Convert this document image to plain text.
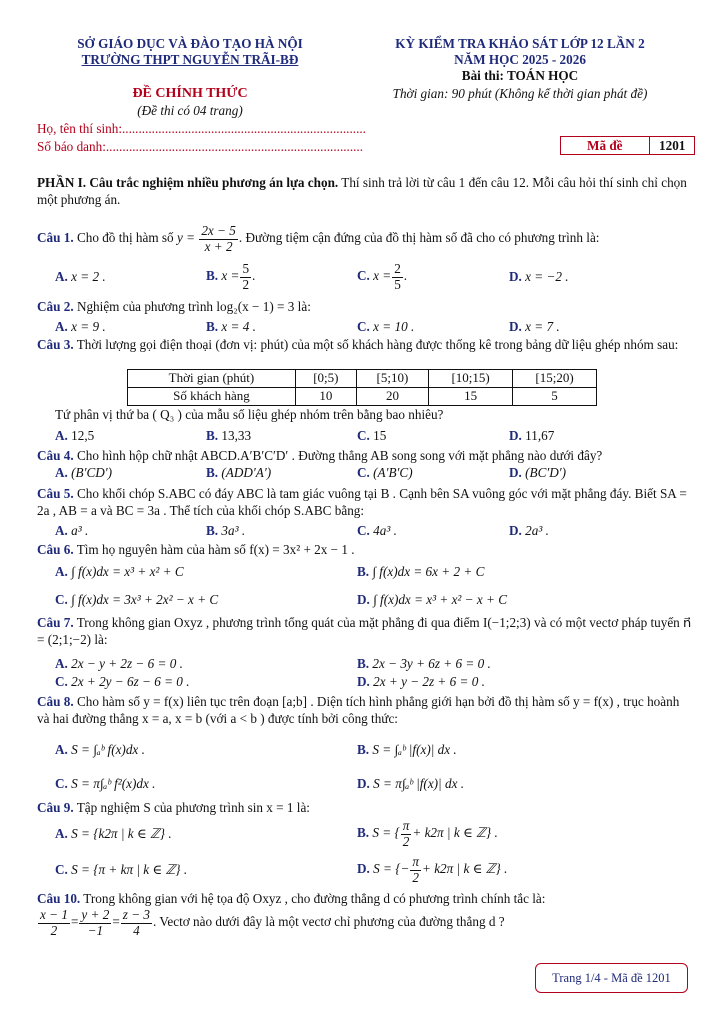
SỞ GIÁO DỤC VÀ ĐÀO TẠO HÀ NỘI
TRƯỜNG THPT NGUYỄN TRÃI-BĐ
ĐỀ CHÍNH THỨC
(Đề thi có 04 trang)
KỲ KIỂM TRA KHẢO SÁT LỚP 12 LẦN 2
NĂM HỌC 2025 - 2026
Bài thi: TOÁN HỌC
Thời gian: 90 phút (Không kể thời gian phát đề)
Họ, tên thí sinh:..........................................................................
Số báo danh:..............................................................................	Mã đề	1201
PHẦN I. Câu trắc nghiệm nhiều phương án lựa chọn. Thí sinh trả lời từ câu 1 đến câu 12. Mỗi câu hỏi thí sinh chỉ chọn một phương án.
Câu 1. Cho đồ thị hàm số $y = \frac{2x - 5}{x + 2}$ . Đường tiệm cận đứng của đồ thị hàm số đã cho có phương trình là:
A. x = 2 .	B. $x = \frac{5}{2}$ .	C. $x = \frac{2}{5}$ .	D. x = −2 .
Câu 2. Nghiệm của phương trình log₂(x − 1) = 3 là:
A. x = 9 .	B. x = 4 .	C. x = 10 .	D. x = 7 .
Câu 3. Thời lượng gọi điện thoại (đơn vị: phút) của một số khách hàng được thống kê trong bảng dữ liệu ghép nhóm sau:
Thời gian (phút)	[0;5)	[5;10)	[10;15)	[15;20)
Số khách hàng	10	20	15	5
Tứ phân vị thứ ba ( Q₃ ) của mẫu số liệu ghép nhóm trên bằng bao nhiêu?
A. 12,5	B. 13,33	C. 15	D. 11,67
Câu 4. Cho hình hộp chữ nhật ABCD.A′B′C′D′ . Đường thẳng AB song song với mặt phẳng nào dưới đây?
A. (B′CD′)	B. (ADD′A′)	C. (A′B′C)	D. (BC′D′)
Câu 5. Cho khối chóp S.ABC có đáy ABC là tam giác vuông tại B . Cạnh bên SA vuông góc với mặt phẳng đáy. Biết SA = 2a , AB = a và BC = 3a . Thể tích của khối chóp S.ABC bằng:
A. a³ .	B. 3a³ .	C. 4a³ .	D. 2a³ .
Câu 6. Tìm họ nguyên hàm của hàm số f(x) = 3x² + 2x − 1 .
A. ∫ f(x)dx = x³ + x² + C	B. ∫ f(x)dx = 6x + 2 + C
C. ∫ f(x)dx = 3x³ + 2x² − x + C	D. ∫ f(x)dx = x³ + x² − x + C
Câu 7. Trong không gian Oxyz , phương trình tổng quát của mặt phẳng đi qua điểm I(−1;2;3) và có một vectơ pháp tuyến n⃗ = (2;1;−2) là:
A. 2x − y + 2z − 6 = 0 .	B. 2x − 3y + 6z + 6 = 0 .
C. 2x + 2y − 6z − 6 = 0 .	D. 2x + y − 2z + 6 = 0 .
Câu 8. Cho hàm số y = f(x) liên tục trên đoạn [a;b] . Diện tích hình phẳng giới hạn bởi đồ thị hàm số y = f(x) , trục hoành và hai đường thẳng x = a, x = b (với a < b ) được tính bởi công thức:
A. S = ∫ₐᵇ f(x)dx .	B. S = ∫ₐᵇ |f(x)| dx .
C. S = π∫ₐᵇ f²(x)dx .	D. S = π∫ₐᵇ |f(x)| dx .
Câu 9. Tập nghiệm S của phương trình sin x = 1 là:
A. S = {k2π | k ∈ ℤ} .	B. S = { $\frac{\pi}{2} + k2\pi$ | k ∈ ℤ} .
C. S = {π + kπ | k ∈ ℤ} .	D. S = {− $\frac{\pi}{2} + k2\pi$ | k ∈ ℤ} .
Câu 10. Trong không gian với hệ tọa độ Oxyz , cho đường thẳng d có phương trình chính tắc là:
$\frac{x - 1}{2} = \frac{y + 2}{-1} = \frac{z - 3}{4}$ . Vectơ nào dưới đây là một vectơ chỉ phương của đường thẳng d ?
Trang 1/4 - Mã đề 1201
